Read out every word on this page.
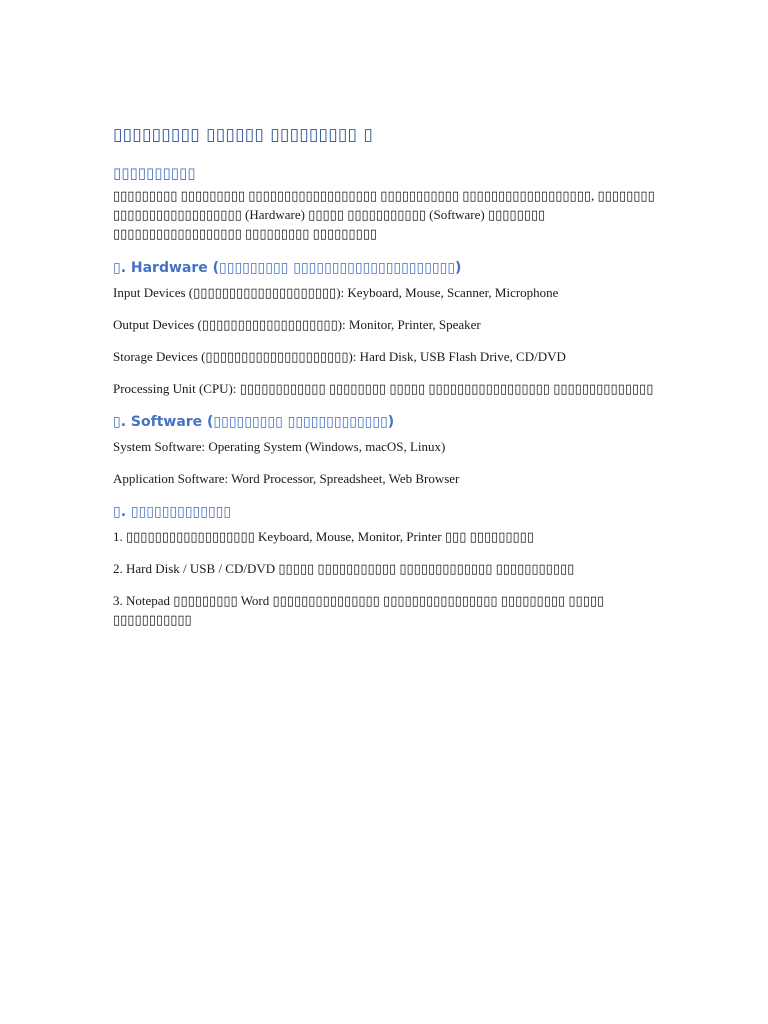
▯▯▯▯▯▯▯▯▯ ▯▯▯▯▯▯ ▯▯▯▯▯▯▯▯▯ ▯
▯▯▯▯▯▯▯▯▯▯

▯▯▯▯▯▯▯▯▯ ▯▯▯▯▯▯▯▯▯ ▯▯▯▯▯▯▯▯▯▯▯▯▯▯▯▯▯▯ ▯▯▯▯▯▯▯▯▯▯▯ ▯▯▯▯▯▯▯▯▯▯▯▯▯▯▯▯▯▯, ▯▯▯▯▯▯▯▯ ▯▯▯▯▯▯▯▯▯▯▯▯▯▯▯▯▯▯ (Hardware) ▯▯▯▯▯ ▯▯▯▯▯▯▯▯▯▯▯ (Software) ▯▯▯▯▯▯▯▯ ▯▯▯▯▯▯▯▯▯▯▯▯▯▯▯▯▯▯ ▯▯▯▯▯▯▯▯▯ ▯▯▯▯▯▯▯▯▯

▯. Hardware (▯▯▯▯▯▯▯▯▯ ▯▯▯▯▯▯▯▯▯▯▯▯▯▯▯▯▯▯▯▯▯)

Input Devices (▯▯▯▯▯▯▯▯▯▯▯▯▯▯▯▯▯▯▯▯): Keyboard, Mouse, Scanner, Microphone

Output Devices (▯▯▯▯▯▯▯▯▯▯▯▯▯▯▯▯▯▯▯): Monitor, Printer, Speaker

Storage Devices (▯▯▯▯▯▯▯▯▯▯▯▯▯▯▯▯▯▯▯▯): Hard Disk, USB Flash Drive, CD/DVD

Processing Unit (CPU): ▯▯▯▯▯▯▯▯▯▯▯▯ ▯▯▯▯▯▯▯▯ ▯▯▯▯▯ ▯▯▯▯▯▯▯▯▯▯▯▯▯▯▯▯▯ ▯▯▯▯▯▯▯▯▯▯▯▯▯▯

▯. Software (▯▯▯▯▯▯▯▯▯ ▯▯▯▯▯▯▯▯▯▯▯▯▯)

System Software: Operating System (Windows, macOS, Linux)

Application Software: Word Processor, Spreadsheet, Web Browser

▯. ▯▯▯▯▯▯▯▯▯▯▯▯▯

1. ▯▯▯▯▯▯▯▯▯▯▯▯▯▯▯▯▯▯ Keyboard, Mouse, Monitor, Printer ▯▯▯ ▯▯▯▯▯▯▯▯▯

2. Hard Disk / USB / CD/DVD ▯▯▯▯▯ ▯▯▯▯▯▯▯▯▯▯▯ ▯▯▯▯▯▯▯▯▯▯▯▯▯ ▯▯▯▯▯▯▯▯▯▯▯

3. Notepad ▯▯▯▯▯▯▯▯▯ Word ▯▯▯▯▯▯▯▯▯▯▯▯▯▯▯ ▯▯▯▯▯▯▯▯▯▯▯▯▯▯▯▯ ▯▯▯▯▯▯▯▯▯ ▯▯▯▯▯ ▯▯▯▯▯▯▯▯▯▯▯
